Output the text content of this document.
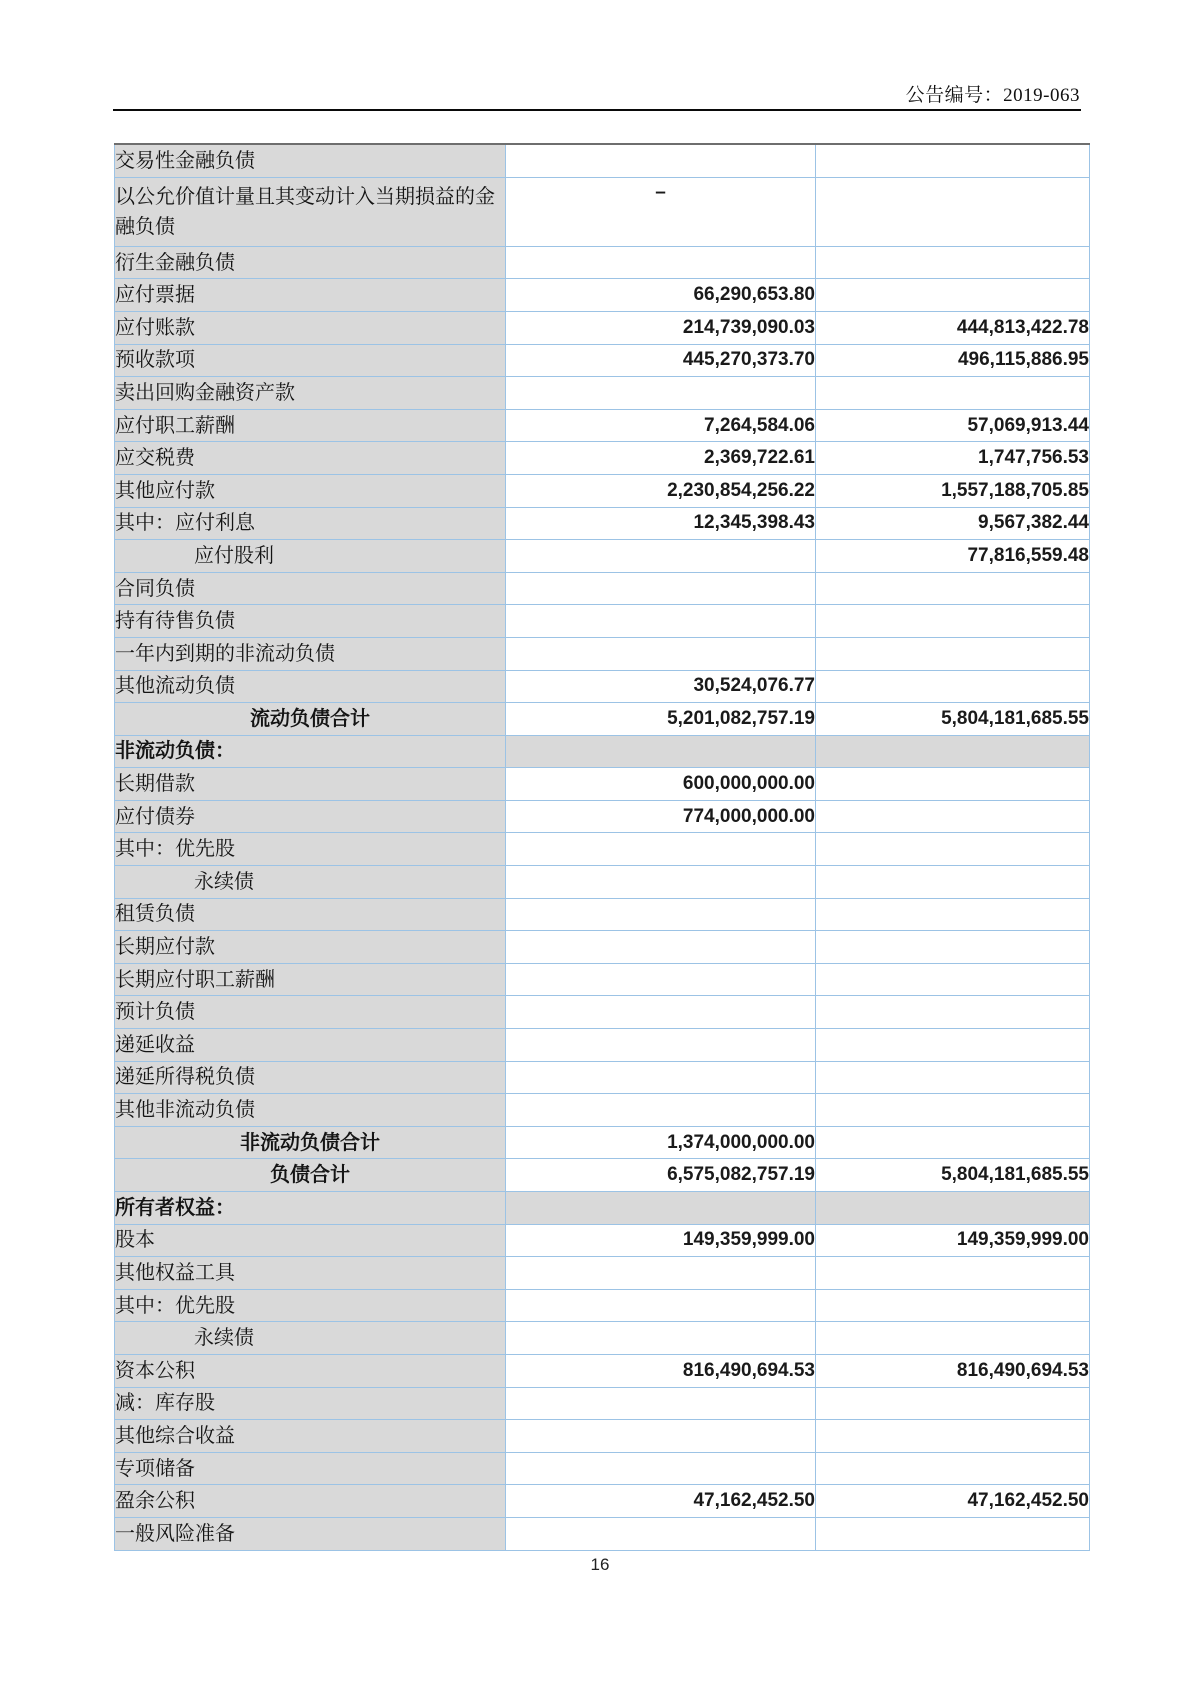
公告编号：2019-063
交易性金融负债		
以公允价值计量且其变动计入当期损益的金融负债	–	
衍生金融负债		
应付票据	66,290,653.80	
应付账款	214,739,090.03	444,813,422.78
预收款项	445,270,373.70	496,115,886.95
卖出回购金融资产款		
应付职工薪酬	7,264,584.06	57,069,913.44
应交税费	2,369,722.61	1,747,756.53
其他应付款	2,230,854,256.22	1,557,188,705.85
其中：应付利息	12,345,398.43	9,567,382.44
应付股利		77,816,559.48
合同负债		
持有待售负债		
一年内到期的非流动负债		
其他流动负债	30,524,076.77	
流动负债合计	5,201,082,757.19	5,804,181,685.55
非流动负债：		
长期借款	600,000,000.00	
应付债券	774,000,000.00	
其中：优先股		
永续债		
租赁负债		
长期应付款		
长期应付职工薪酬		
预计负债		
递延收益		
递延所得税负债		
其他非流动负债		
非流动负债合计	1,374,000,000.00	
负债合计	6,575,082,757.19	5,804,181,685.55
所有者权益：		
股本	149,359,999.00	149,359,999.00
其他权益工具		
其中：优先股		
永续债		
资本公积	816,490,694.53	816,490,694.53
减：库存股		
其他综合收益		
专项储备		
盈余公积	47,162,452.50	47,162,452.50
一般风险准备		
16
